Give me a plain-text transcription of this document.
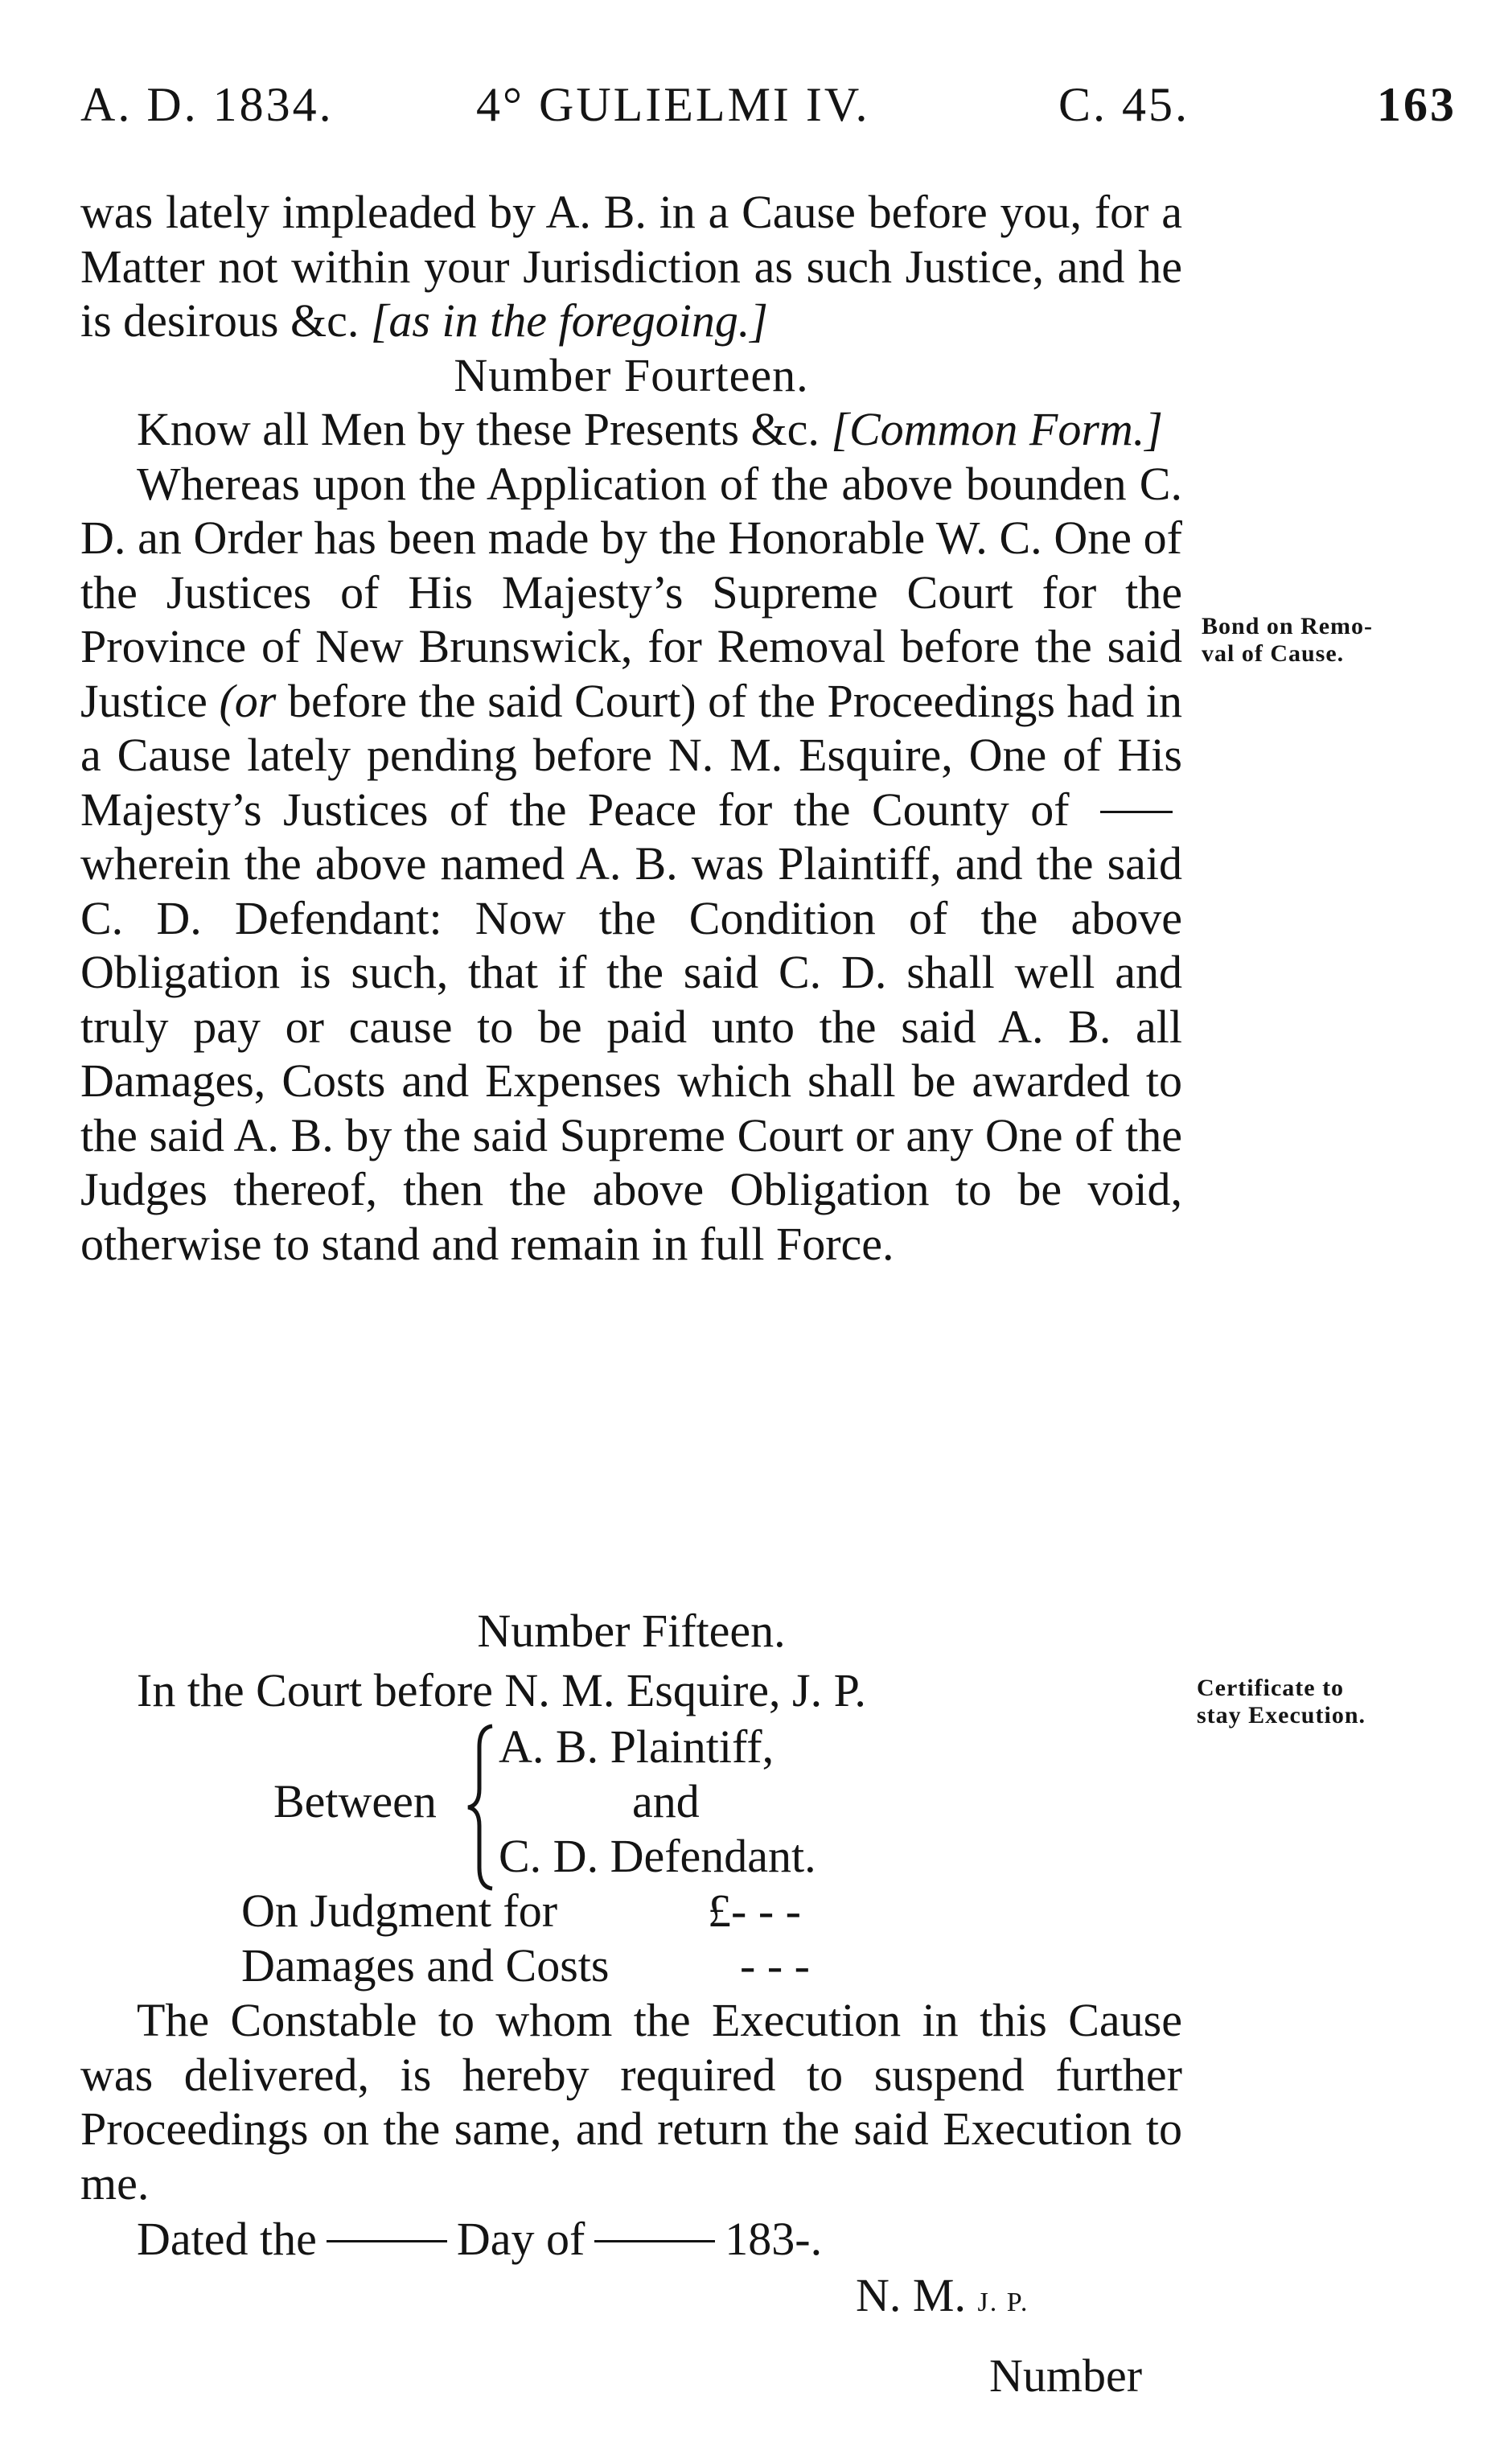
A. D. 1834.	4° GULIELMI IV.	C. 45.	163

was lately impleaded by A. B. in a Cause before you, for a Matter not within your Jurisdiction as such Justice, and he is desirous &c. [as in the foregoing.]

Number Fourteen.

Know all Men by these Presents &c. [Common Form.]

Whereas upon the Application of the above bounden C. D. an Order has been made by the Honorable W. C. One of the Justices of His Majesty’s Supreme Court for the Province of New Brunswick, for Removal before the said Justice (or before the said Court) of the Proceedings had in a Cause lately pending before N. M. Esquire, One of His Majesty’s Justices of the Peace for the County of  wherein the above named A. B. was Plaintiff, and the said C. D. Defendant: Now the Condition of the above Obligation is such, that if the said C. D. shall well and truly pay or cause to be paid unto the said A. B. all Damages, Costs and Expenses which shall be awarded to the said A. B. by the said Supreme Court or any One of the Judges thereof, then the above Obligation to be void, otherwise to stand and remain in full Force.

Bond on Remo-
val of Cause.
Number Fifteen.
In the Court before N. M. Esquire, J. P.	Certificate to
stay Execution.
Between
A. B. Plaintiff,
and
C. D. Defendant.
On Judgment for	£- - -
Damages and Costs	- - -

The Constable to whom the Execution in this Cause was delivered, is hereby required to suspend further Proceedings on the same, and return the said Execution to me.

Dated the	Day of	183-.
N. M. J. P.
Number
